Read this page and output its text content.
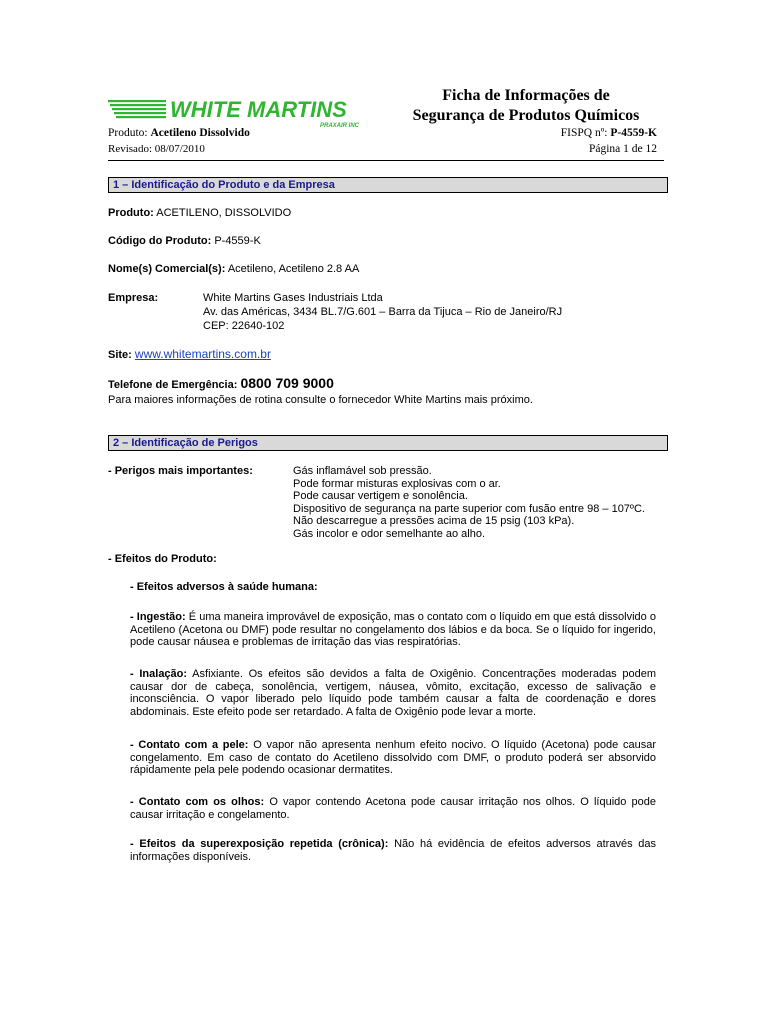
WHITE MARTINS
PRAXAIR INC
Ficha de Informações de
Segurança de Produtos Químicos
Produto: Acetileno Dissolvido	FISPQ nº: P-4559-K
Revisado: 08/07/2010	Página 1 de 12
1 – Identificação do Produto e da Empresa
Produto: ACETILENO, DISSOLVIDO
Código do Produto: P-4559-K
Nome(s) Comercial(s): Acetileno, Acetileno 2.8 AA
Empresa:	White Martins Gases Industriais Ltda
Av. das Américas, 3434 BL.7/G.601 – Barra da Tijuca – Rio de Janeiro/RJ
CEP: 22640-102
Site: www.whitemartins.com.br
Telefone de Emergência: 0800 709 9000
Para maiores informações de rotina consulte o fornecedor White Martins mais próximo.
2 – Identificação de Perigos
- Perigos mais importantes:	Gás inflamável sob pressão.
Pode formar misturas explosivas com o ar.
Pode causar vertigem e sonolência.
Dispositivo de segurança na parte superior com fusão entre 98 – 107ºC.
Não descarregue a pressões acima de 15 psig (103 kPa).
Gás incolor e odor semelhante ao alho.
- Efeitos do Produto:
- Efeitos adversos à saúde humana:
- Ingestão: É uma maneira improvável de exposição, mas o contato com o líquido em que está dissolvido o Acetileno (Acetona ou DMF) pode resultar no congelamento dos lábios e da boca. Se o líquido for ingerido, pode causar náusea e problemas de irritação das vias respiratórias.
- Inalação: Asfixiante. Os efeitos são devidos a falta de Oxigênio. Concentrações moderadas podem causar dor de cabeça, sonolência, vertigem, náusea, vômito, excitação, excesso de salivação e inconsciência. O vapor liberado pelo líquido pode também causar a falta de coordenação e dores abdominais. Este efeito pode ser retardado. A falta de Oxigênio pode levar a morte.
- Contato com a pele: O vapor não apresenta nenhum efeito nocivo. O líquido (Acetona) pode causar congelamento. Em caso de contato do Acetileno dissolvido com DMF, o produto poderá ser absorvido rápidamente pela pele podendo ocasionar dermatites.
- Contato com os olhos: O vapor contendo Acetona pode causar irritação nos olhos. O líquido pode causar irritação e congelamento.
- Efeitos da superexposição repetida (crônica): Não há evidência de efeitos adversos através das informações disponíveis.
